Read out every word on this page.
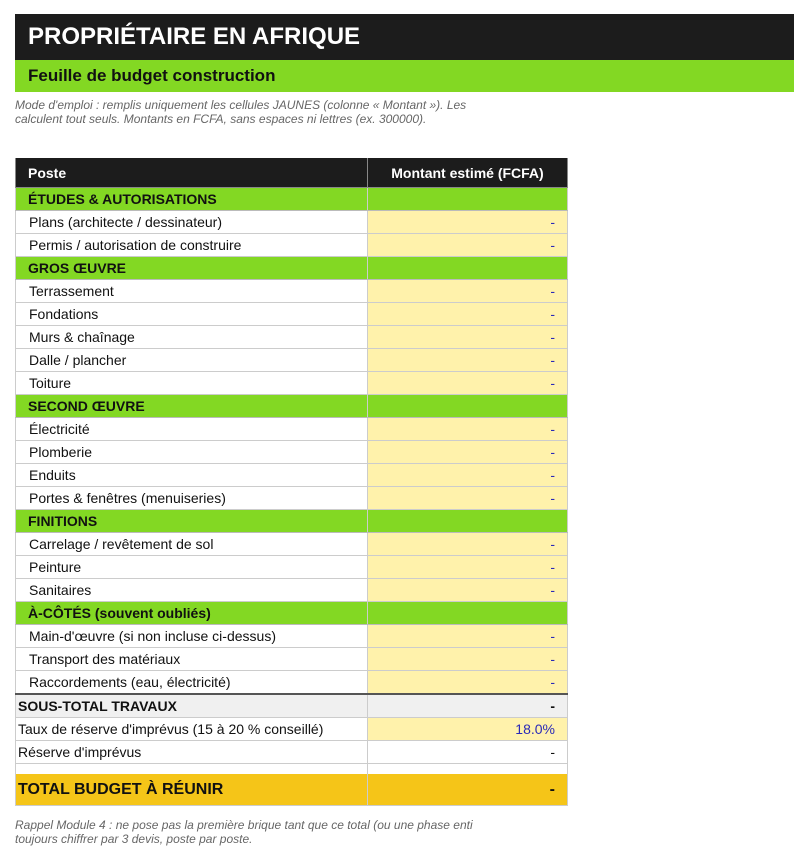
PROPRIÉTAIRE EN AFRIQUE
Feuille de budget construction
Mode d'emploi : remplis uniquement les cellules JAUNES (colonne « Montant »). Les
calculent tout seuls. Montants en FCFA, sans espaces ni lettres (ex. 300000).
Poste	Montant estimé (FCFA)
ÉTUDES & AUTORISATIONS	
Plans (architecte / dessinateur)	-
Permis / autorisation de construire	-
GROS ŒUVRE	
Terrassement	-
Fondations	-
Murs & chaînage	-
Dalle / plancher	-
Toiture	-
SECOND ŒUVRE	
Électricité	-
Plomberie	-
Enduits	-
Portes & fenêtres (menuiseries)	-
FINITIONS	
Carrelage / revêtement de sol	-
Peinture	-
Sanitaires	-
À-CÔTÉS (souvent oubliés)	
Main-d'œuvre (si non incluse ci-dessus)	-
Transport des matériaux	-
Raccordements (eau, électricité)	-
SOUS-TOTAL TRAVAUX	-
Taux de réserve d'imprévus (15 à 20 % conseillé)	18.0%
Réserve d'imprévus	-

TOTAL BUDGET À RÉUNIR	-
Rappel Module 4 : ne pose pas la première brique tant que ce total (ou une phase enti
toujours chiffrer par 3 devis, poste par poste.
